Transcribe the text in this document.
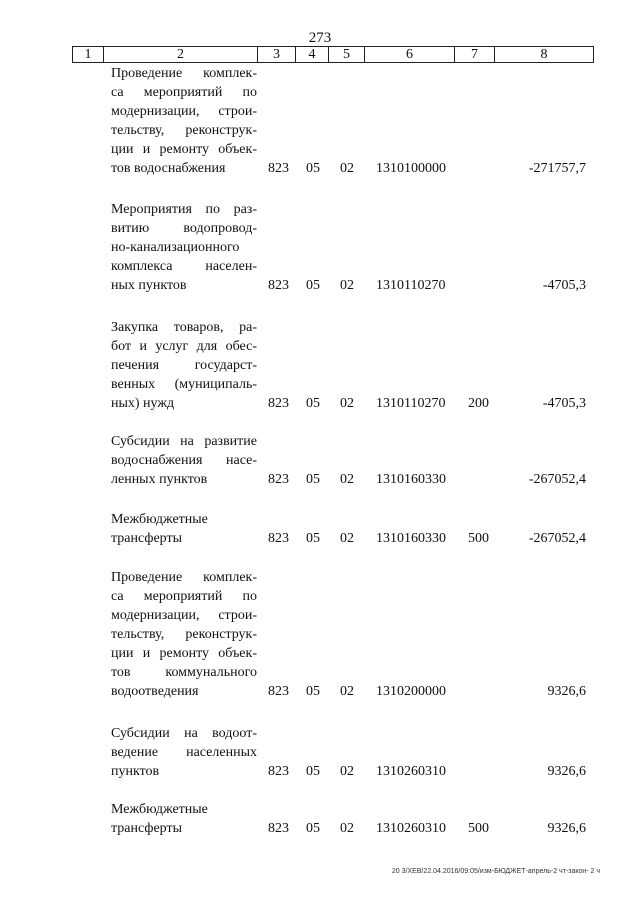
273
1	2	3	4	5	6	7	8
Проведение комплек-
са мероприятий по
модернизации, строи-
тельству, реконструк-
ции и ремонту объек-
тов водоснабжения	823 05 02 1310100000	-271757,7
Мероприятия по раз-
витию водопровод-
но-канализационного
комплекса населен-
ных пунктов	823 05 02 1310110270	-4705,3
Закупка товаров, ра-
бот и услуг для обес-
печения государст-
венных (муниципаль-
ных) нужд	823 05 02 1310110270 200	-4705,3
Субсидии на развитие
водоснабжения насе-
ленных пунктов	823 05 02 1310160330	-267052,4
Межбюджетные
трансферты	823 05 02 1310160330 500	-267052,4
Проведение комплек-
са мероприятий по
модернизации, строи-
тельству, реконструк-
ции и ремонту объек-
тов коммунального
водоотведения	823 05 02 1310200000	9326,6
Субсидии на водоот-
ведение населенных
пунктов	823 05 02 1310260310	9326,6
Межбюджетные
трансферты	823 05 02 1310260310 500	9326,6
20 3/ХЕВ/22.04.2016/09:05/изм-БЮДЖЕТ-апрель-2 чт-закон- 2 ч
